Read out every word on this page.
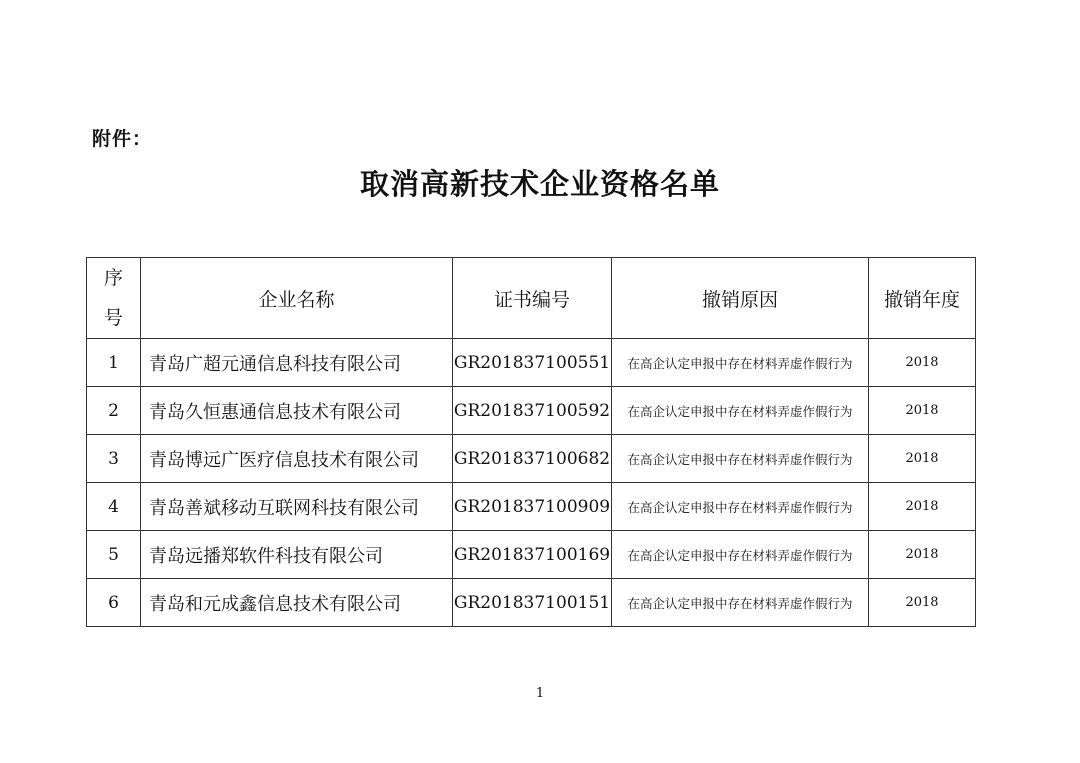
附件：
取消高新技术企业资格名单
序
号	企业名称	证书编号	撤销原因	撤销年度
1	青岛广超元通信息科技有限公司	GR201837100551	在高企认定申报中存在材料弄虚作假行为	2018
2	青岛久恒惠通信息技术有限公司	GR201837100592	在高企认定申报中存在材料弄虚作假行为	2018
3	青岛博远广医疗信息技术有限公司	GR201837100682	在高企认定申报中存在材料弄虚作假行为	2018
4	青岛善斌移动互联网科技有限公司	GR201837100909	在高企认定申报中存在材料弄虚作假行为	2018
5	青岛远播郑软件科技有限公司	GR201837100169	在高企认定申报中存在材料弄虚作假行为	2018
6	青岛和元成鑫信息技术有限公司	GR201837100151	在高企认定申报中存在材料弄虚作假行为	2018
1
